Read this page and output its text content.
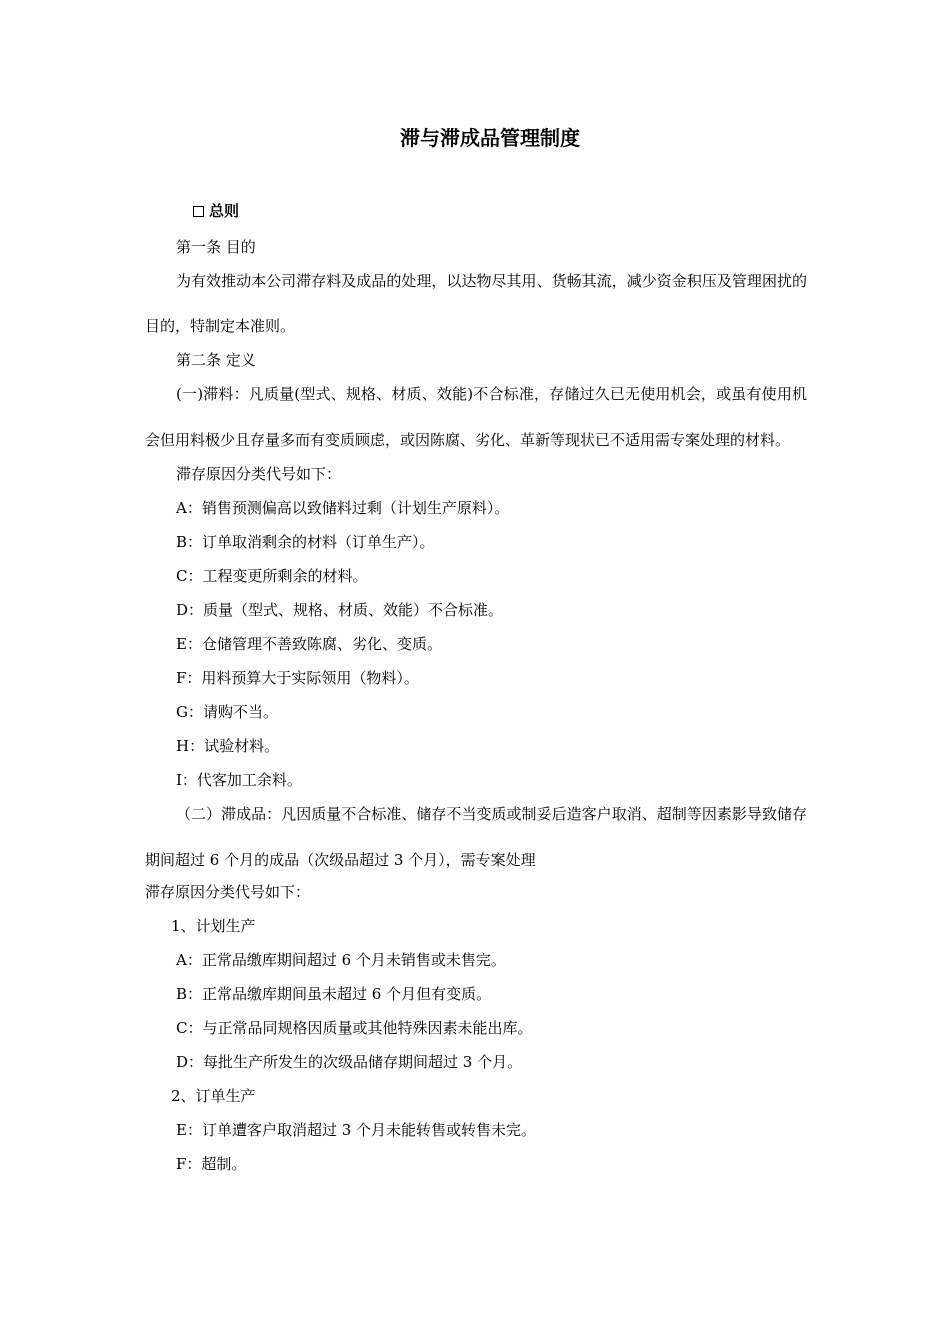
滞与滞成品管理制度
总则
第一条 目的
为有效推动本公司滞存料及成品的处理，以达物尽其用、货畅其流，减少资金积压及管理困扰的目的，特制定本准则。
第二条 定义
(一)滞料：凡质量(型式、规格、材质、效能)不合标准，存储过久已无使用机会，或虽有使用机会但用料极少且存量多而有变质顾虑，或因陈腐、劣化、革新等现状已不适用需专案处理的材料。
滞存原因分类代号如下：
A：销售预测偏高以致储料过剩（计划生产原料）。
B：订单取消剩余的材料（订单生产）。
C：工程变更所剩余的材料。
D：质量（型式、规格、材质、效能）不合标准。
E：仓储管理不善致陈腐、劣化、变质。
F：用料预算大于实际领用（物料）。
G：请购不当。
H：试验材料。
I：代客加工余料。
（二）滞成品：凡因质量不合标准、储存不当变质或制妥后造客户取消、超制等因素影导致储存期间超过 6 个月的成品（次级品超过 3 个月），需专案处理
滞存原因分类代号如下：
1、计划生产
A：正常品缴库期间超过 6 个月未销售或未售完。
B：正常品缴库期间虽未超过 6 个月但有变质。
C：与正常品同规格因质量或其他特殊因素未能出库。
D：每批生产所发生的次级品储存期间超过 3 个月。
2、订单生产
E：订单遭客户取消超过 3 个月未能转售或转售未完。
F：超制。
